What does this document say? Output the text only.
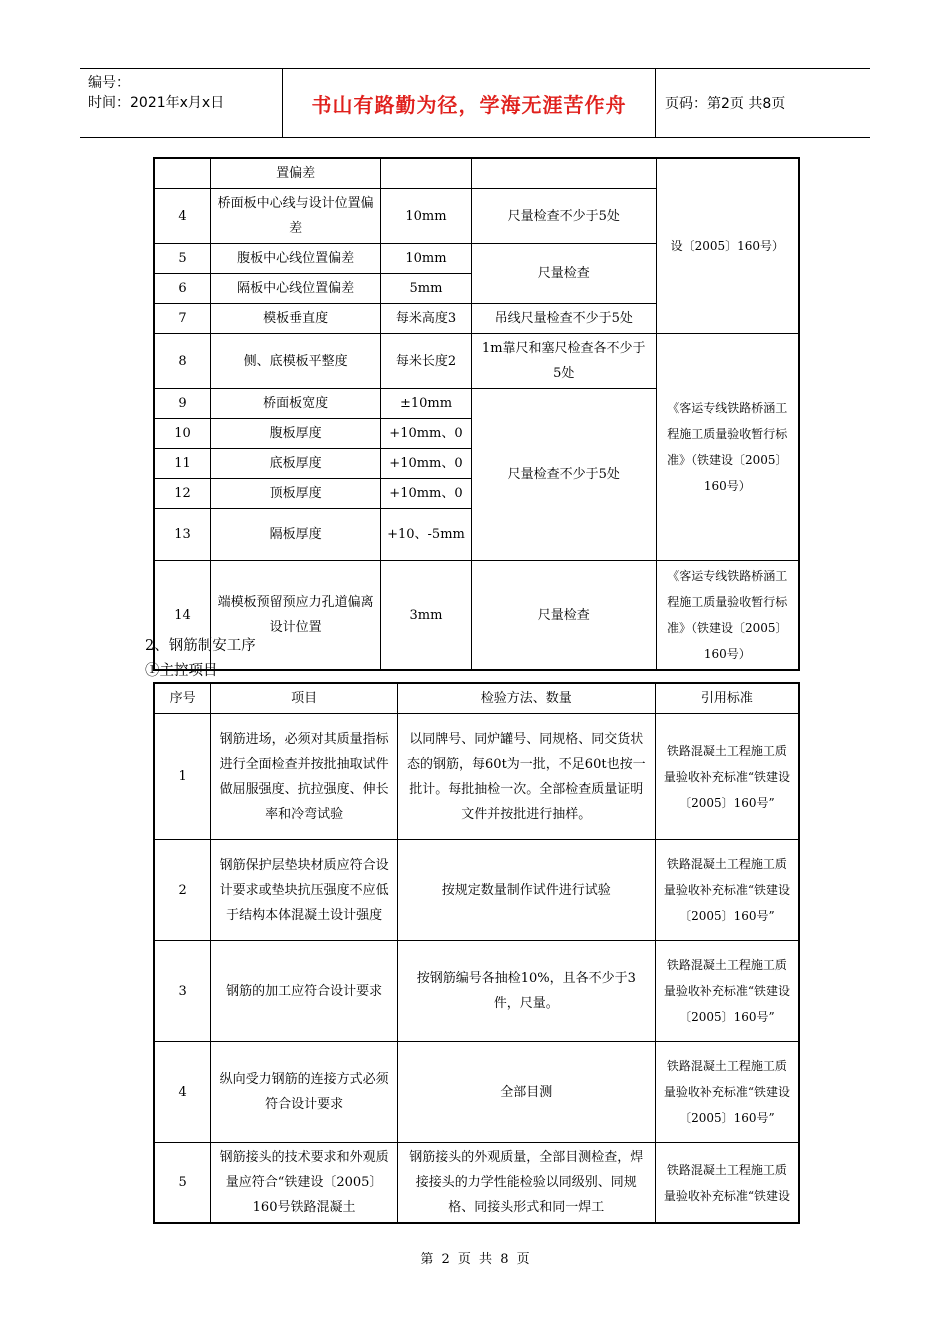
编号：
时间：2021年x月x日	书山有路勤为径，学海无涯苦作舟	页码：第2页 共8页
	置偏差			设〔2005〕160号）
4	桥面板中心线与设计位置偏差	10mm	尺量检查不少于5处	
5	腹板中心线位置偏差	10mm	尺量检查	
6	隔板中心线位置偏差	5mm		
7	模板垂直度	每米高度3	吊线尺量检查不少于5处	
8	侧、底模板平整度	每米长度2	1m靠尺和塞尺检查各不少于5处	《客运专线铁路桥涵工程施工质量验收暂行标准》（铁建设〔2005〕160号）
9	桥面板宽度	±10mm	尺量检查不少于5处	
10	腹板厚度	+10mm、0		
11	底板厚度	+10mm、0		
12	顶板厚度	+10mm、0		
13	隔板厚度	+10、-5mm		
14	端模板预留预应力孔道偏离设计位置	3mm	尺量检查	《客运专线铁路桥涵工程施工质量验收暂行标准》（铁建设〔2005〕160号）
2、钢筋制安工序
①主控项目
序号	项目	检验方法、数量	引用标准
1	钢筋进场，必须对其质量指标进行全面检查并按批抽取试件做屈服强度、抗拉强度、伸长率和冷弯试验	以同牌号、同炉罐号、同规格、同交货状态的钢筋，每60t为一批，不足60t也按一批计。每批抽检一次。全部检查质量证明文件并按批进行抽样。	铁路混凝土工程施工质量验收补充标准“铁建设〔2005〕160号”
2	钢筋保护层垫块材质应符合设计要求或垫块抗压强度不应低于结构本体混凝土设计强度	按规定数量制作试件进行试验	铁路混凝土工程施工质量验收补充标准“铁建设〔2005〕160号”
3	钢筋的加工应符合设计要求	按钢筋编号各抽检10%，且各不少于3件，尺量。	铁路混凝土工程施工质量验收补充标准“铁建设〔2005〕160号”
4	纵向受力钢筋的连接方式必须符合设计要求	全部目测	铁路混凝土工程施工质量验收补充标准“铁建设〔2005〕160号”
5	钢筋接头的技术要求和外观质量应符合“铁建设〔2005〕160号铁路混凝土	钢筋接头的外观质量，全部目测检查，焊接接头的力学性能检验以同级别、同规格、同接头形式和同一焊工	铁路混凝土工程施工质量验收补充标准“铁建设
第 2 页 共 8 页
